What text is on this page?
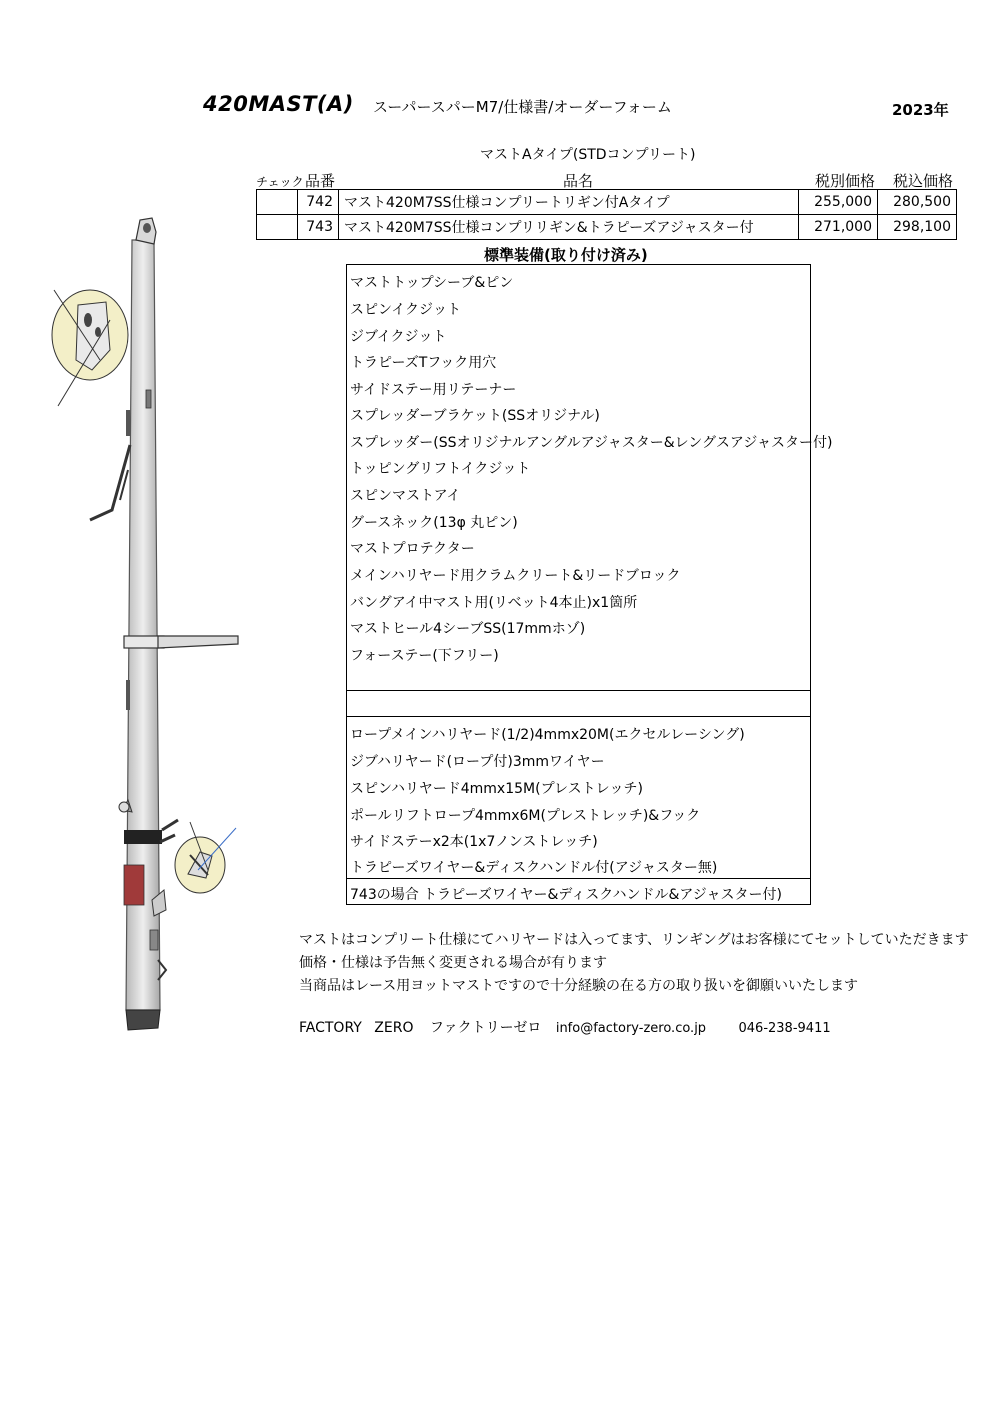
420MAST(A) スーパースパーM7/仕様書/オーダーフォーム	2023年
マストAタイプ(STDコンプリート)
チェック 品番	品名	税別価格 税込価格
	742	マスト420M7SS仕様コンプリートリギン付Aタイプ	255,000	280,500
	743	マスト420M7SS仕様コンプリリギン&トラピーズアジャスター付	271,000	298,100
標準装備(取り付け済み)
マストトップシーブ&ピン
スピンイクジット
ジブイクジット
トラピーズTフック用穴
サイドステー用リテーナー
スプレッダーブラケット(SSオリジナル)
スプレッダー(SSオリジナルアングルアジャスター&レングスアジャスター付)
トッピングリフトイクジット
スピンマストアイ
グースネック(13φ 丸ピン)
マストプロテクター
メインハリヤード用クラムクリート&リードブロック
バングアイ中マスト用(リベット4本止)x1箇所
マストヒール4シーブSS(17mmホゾ)
フォーステー(下フリー)
ロープメインハリヤード(1/2)4mmx20M(エクセルレーシング)
ジブハリヤード(ロープ付)3mmワイヤー
スピンハリヤード4mmx15M(プレストレッチ)
ポールリフトロープ4mmx6M(プレストレッチ)&フック
サイドステーx2本(1x7ノンストレッチ)
トラピーズワイヤー&ディスクハンドル付(アジャスター無)
743の場合 トラピーズワイヤー&ディスクハンドル&アジャスター付)
マストはコンプリート仕様にてハリヤードは入ってます、リンギングはお客様にてセットしていただきます
価格・仕様は予告無く変更される場合が有ります
当商品はレース用ヨットマストですので十分経験の在る方の取り扱いを御願いいたします
FACTORY ZERO ファクトリーゼロ info@factory-zero.co.jp 046-238-9411
